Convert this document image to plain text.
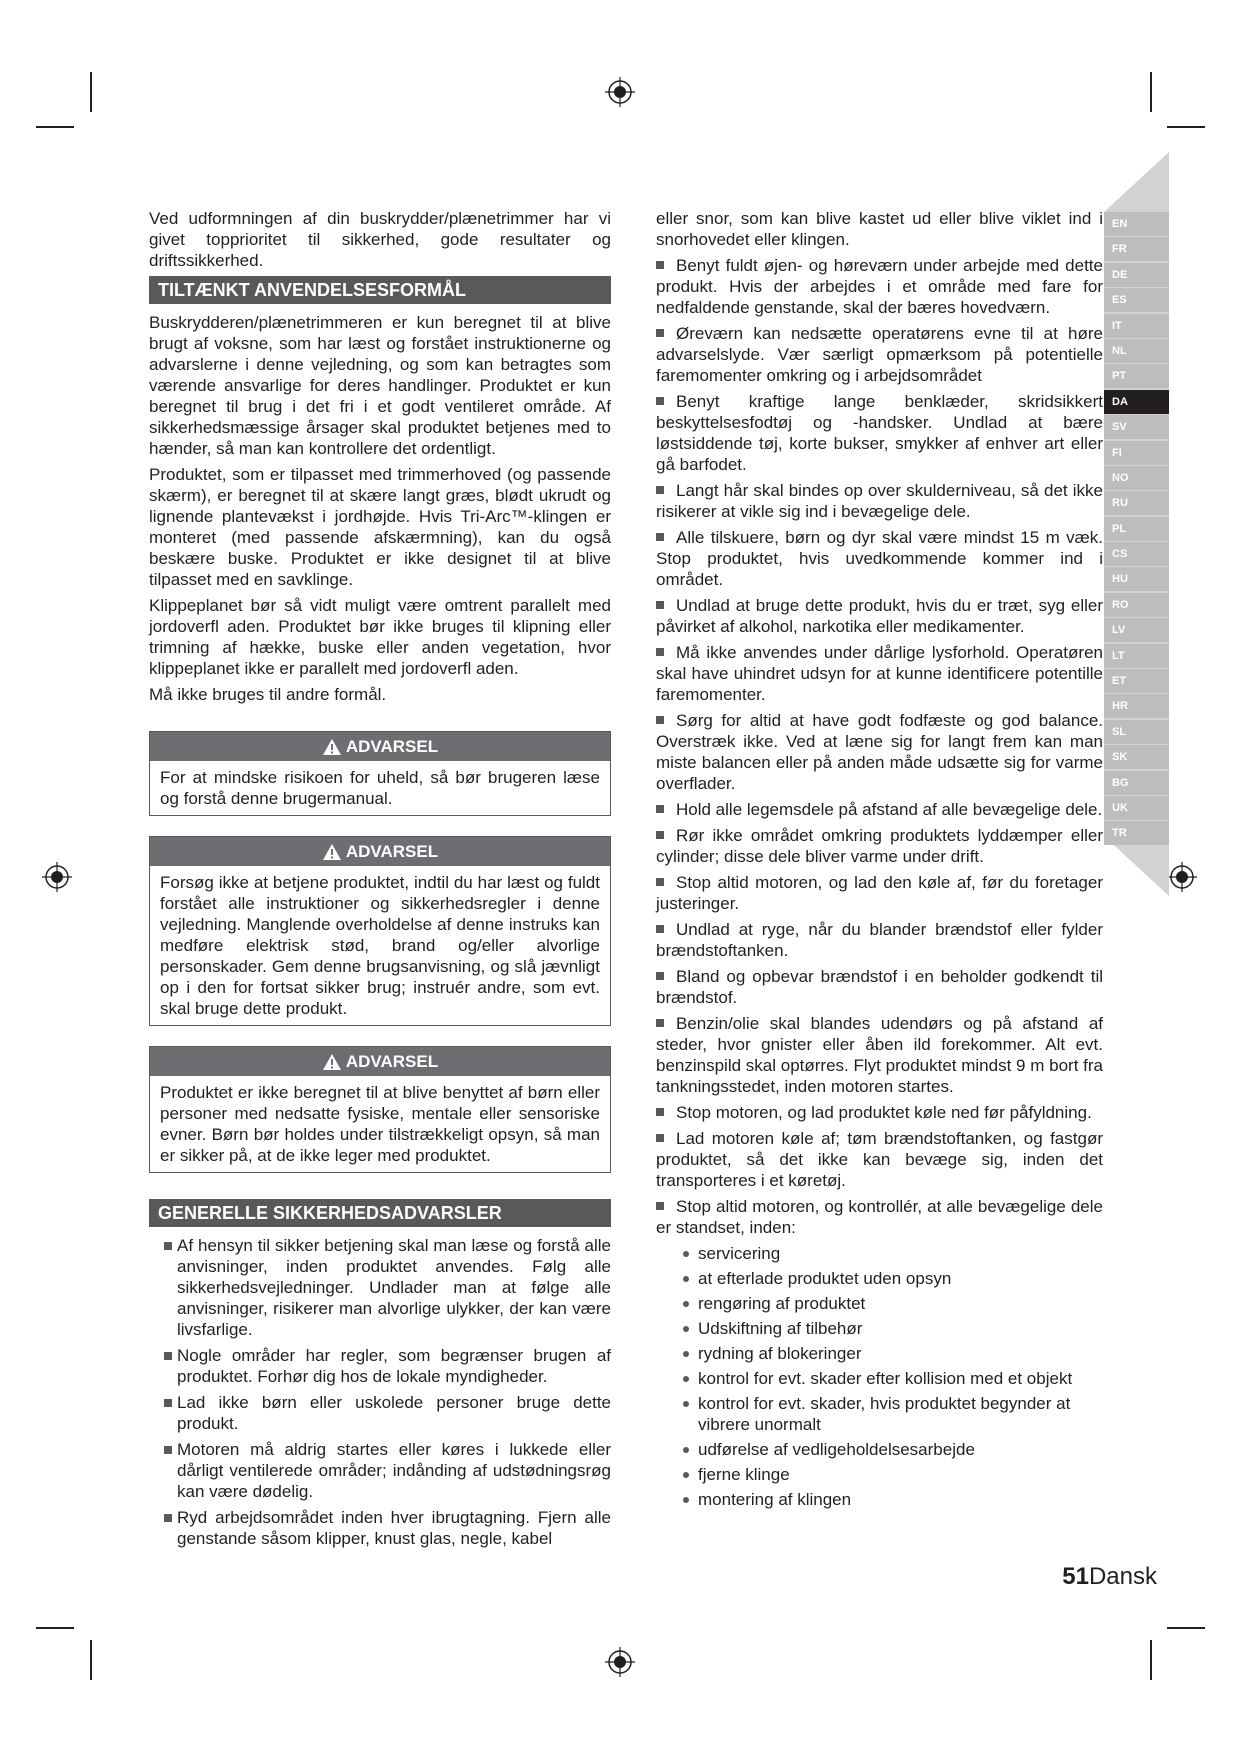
EN
FR
DE
ES
IT
NL
PT
DA
SV
FI
NO
RU
PL
CS
HU
RO
LV
LT
ET
HR
SL
SK
BG
UK
TR

Ved udformningen af din buskrydder/plænetrimmer har vi givet topprioritet til sikkerhed, gode resultater og driftssikkerhed.

TILTÆNKT ANVENDELSESFORMÅL

Buskrydderen/plænetrimmeren er kun beregnet til at blive brugt af voksne, som har læst og forstået instruktionerne og advarslerne i denne vejledning, og som kan betragtes som værende ansvarlige for deres handlinger. Produktet er kun beregnet til brug i det fri i et godt ventileret område. Af sikkerhedsmæssige årsager skal produktet betjenes med to hænder, så man kan kontrollere det ordentligt.

Produktet, som er tilpasset med trimmerhoved (og passende skærm), er beregnet til at skære langt græs, blødt ukrudt og lignende plantevækst i jordhøjde. Hvis Tri-Arc™-klingen er monteret (med passende afskærmning), kan du også beskære buske. Produktet er ikke designet til at blive tilpasset med en savklinge.

Klippeplanet bør så vidt muligt være omtrent parallelt med jordoverfl aden. Produktet bør ikke bruges til klipning eller trimning af hække, buske eller anden vegetation, hvor klippeplanet ikke er parallelt med jordoverfl aden.

Må ikke bruges til andre formål.

ADVARSEL
For at mindske risikoen for uheld, så bør brugeren læse og forstå denne brugermanual.
ADVARSEL
Forsøg ikke at betjene produktet, indtil du har læst og fuldt forstået alle instruktioner og sikkerhedsregler i denne vejledning. Manglende overholdelse af denne instruks kan medføre elektrisk stød, brand og/eller alvorlige personskader. Gem denne brugsanvisning, og slå jævnligt op i den for fortsat sikker brug; instruér andre, som evt. skal bruge dette produkt.
ADVARSEL
Produktet er ikke beregnet til at blive benyttet af børn eller personer med nedsatte fysiske, mentale eller sensoriske evner. Børn bør holdes under tilstrækkeligt opsyn, så man er sikker på, at de ikke leger med produktet.
GENERELLE SIKKERHEDSADVARSLER
Af hensyn til sikker betjening skal man læse og forstå alle anvisninger, inden produktet anvendes. Følg alle sikkerhedsvejledninger. Undlader man at følge alle anvisninger, risikerer man alvorlige ulykker, der kan være livsfarlige.
Nogle områder har regler, som begrænser brugen af produktet. Forhør dig hos de lokale myndigheder.
Lad ikke børn eller uskolede personer bruge dette produkt.
Motoren må aldrig startes eller køres i lukkede eller dårligt ventilerede områder; indånding af udstødningsrøg kan være dødelig.
Ryd arbejdsområdet inden hver ibrugtagning. Fjern alle genstande såsom klipper, knust glas, negle, kabel

eller snor, som kan blive kastet ud eller blive viklet ind i snorhovedet eller klingen.

Benyt fuldt øjen- og høreværn under arbejde med dette produkt. Hvis der arbejdes i et område med fare for nedfaldende genstande, skal der bæres hovedværn.
Øreværn kan nedsætte operatørens evne til at høre advarselslyde. Vær særligt opmærksom på potentielle faremomenter omkring og i arbejdsområdet
Benyt kraftige lange benklæder, skridsikkert beskyttelsesfodtøj og -handsker. Undlad at bære løstsiddende tøj, korte bukser, smykker af enhver art eller gå barfodet.
Langt hår skal bindes op over skulderniveau, så det ikke risikerer at vikle sig ind i bevægelige dele.
Alle tilskuere, børn og dyr skal være mindst 15 m væk. Stop produktet, hvis uvedkommende kommer ind i området.
Undlad at bruge dette produkt, hvis du er træt, syg eller påvirket af alkohol, narkotika eller medikamenter.
Må ikke anvendes under dårlige lysforhold. Operatøren skal have uhindret udsyn for at kunne identificere potentille faremomenter.
Sørg for altid at have godt fodfæste og god balance. Overstræk ikke. Ved at læne sig for langt frem kan man miste balancen eller på anden måde udsætte sig for varme overflader.
Hold alle legemsdele på afstand af alle bevægelige dele.
Rør ikke området omkring produktets lyddæmper eller cylinder; disse dele bliver varme under drift.
Stop altid motoren, og lad den køle af, før du foretager justeringer.
Undlad at ryge, når du blander brændstof eller fylder brændstoftanken.
Bland og opbevar brændstof i en beholder godkendt til brændstof.
Benzin/olie skal blandes udendørs og på afstand af steder, hvor gnister eller åben ild forekommer. Alt evt. benzinspild skal optørres. Flyt produktet mindst 9 m bort fra tankningsstedet, inden motoren startes.
Stop motoren, og lad produktet køle ned før påfyldning.
Lad motoren køle af; tøm brændstoftanken, og fastgør produktet, så det ikke kan bevæge sig, inden det transporteres i et køretøj.
Stop altid motoren, og kontrollér, at alle bevægelige dele er standset, inden:
servicering
at efterlade produktet uden opsyn
rengøring af produktet
Udskiftning af tilbehør
rydning af blokeringer
kontrol for evt. skader efter kollision med et objekt
kontrol for evt. skader, hvis produktet begynder at vibrere unormalt
udførelse af vedligeholdelsesarbejde
fjerne klinge
montering af klingen
51Dansk
